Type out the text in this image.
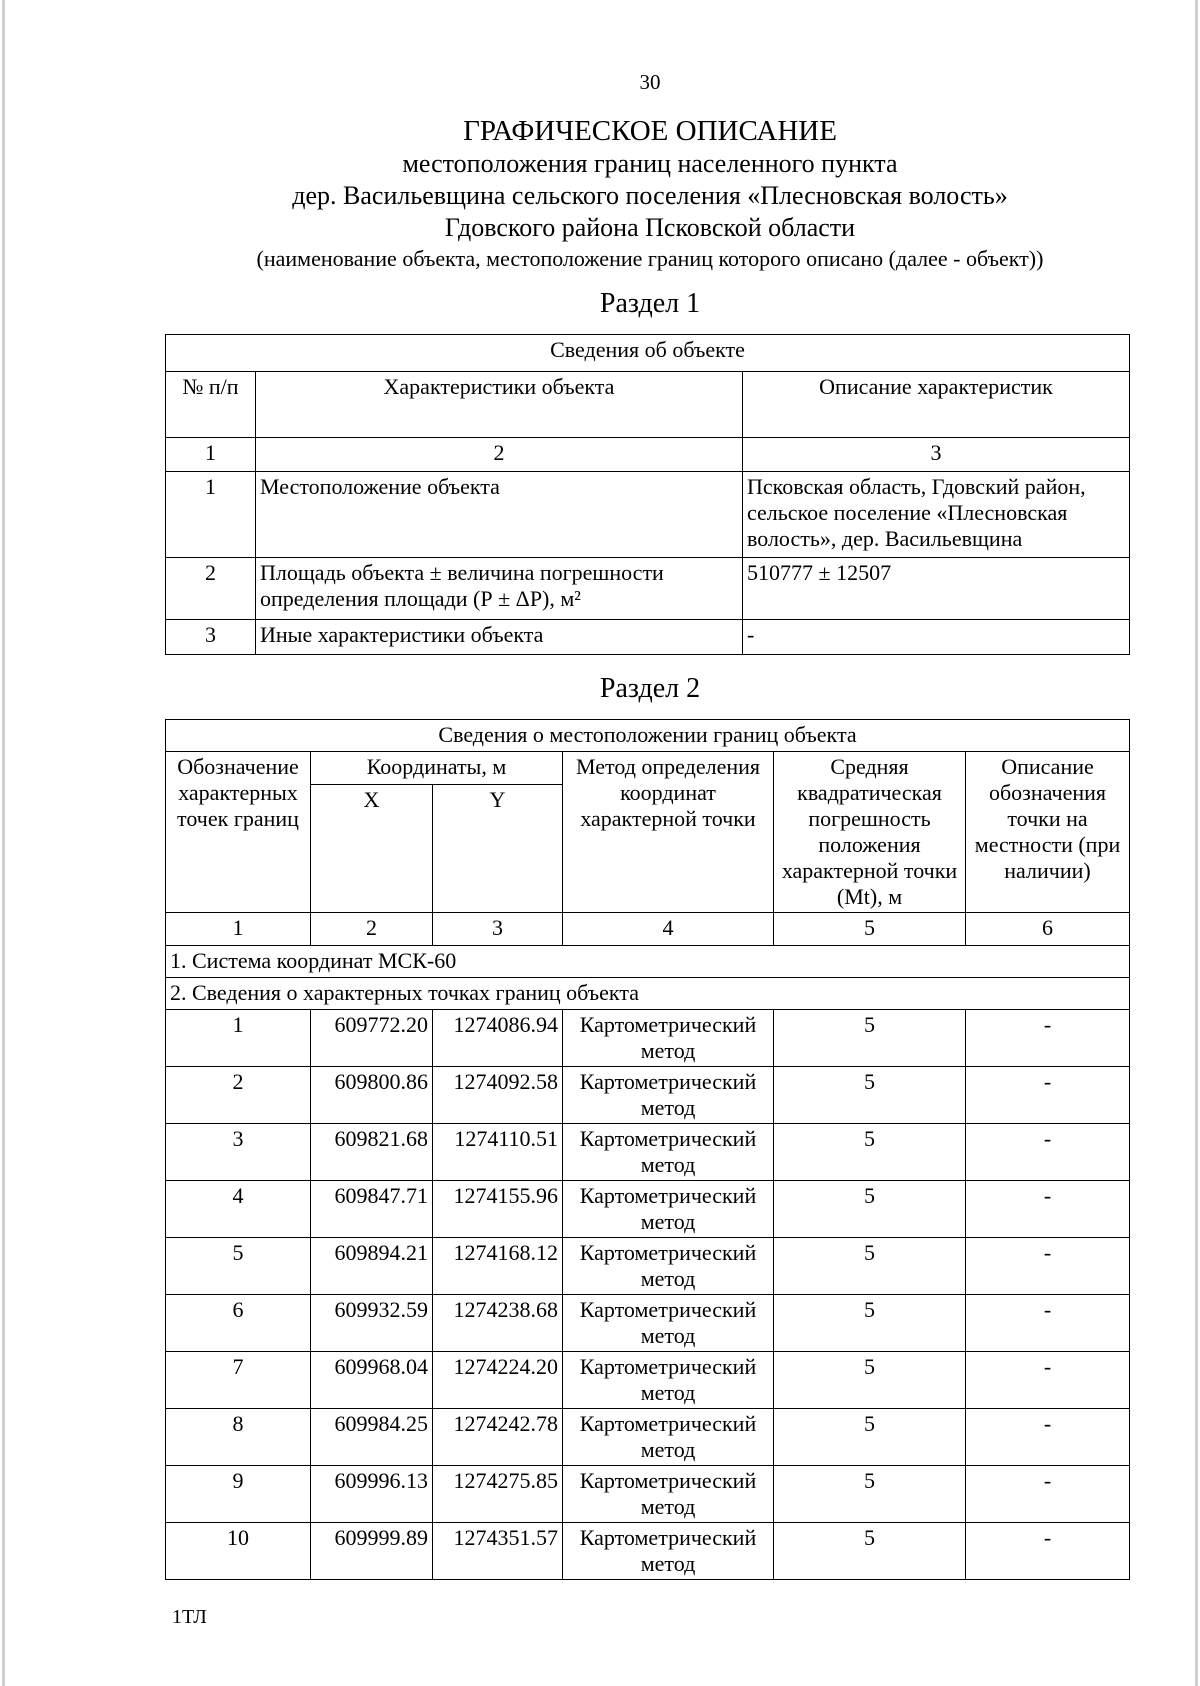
30
ГРАФИЧЕСКОЕ ОПИСАНИЕ
местоположения границ населенного пункта
дер. Васильевщина сельского поселения «Плесновская волость»
Гдовского района Псковской области
(наименование объекта, местоположение границ которого описано (далее - объект))
Раздел 1
Сведения об объекте		
№ п/п	Характеристики объекта	Описание характеристик
1	2	3
1	Местоположение объекта	Псковская область, Гдовский район, сельское поселение «Плесновская волость», дер. Васильевщина
2	Площадь объекта ± величина погрешности определения площади (Р ± ΔР), м²	510777 ± 12507
3	Иные характеристики объекта	-
Раздел 2
Сведения о местоположении границ объекта					
Обозначение характерных точек границ	Координаты, м		Метод определения координат характерной точки	Средняя квадратическая погрешность положения характерной точки (Mt), м	Описание обозначения точки на местности (при наличии)
	X	Y			
1	2	3	4	5	6
1. Система координат МСК-60					
2. Сведения о характерных точках границ объекта					
1	609772.20	1274086.94	Картометрический метод	5	-
2	609800.86	1274092.58	Картометрический метод	5	-
3	609821.68	1274110.51	Картометрический метод	5	-
4	609847.71	1274155.96	Картометрический метод	5	-
5	609894.21	1274168.12	Картометрический метод	5	-
6	609932.59	1274238.68	Картометрический метод	5	-
7	609968.04	1274224.20	Картометрический метод	5	-
8	609984.25	1274242.78	Картометрический метод	5	-
9	609996.13	1274275.85	Картометрический метод	5	-
10	609999.89	1274351.57	Картометрический метод	5	-
1ТЛ
